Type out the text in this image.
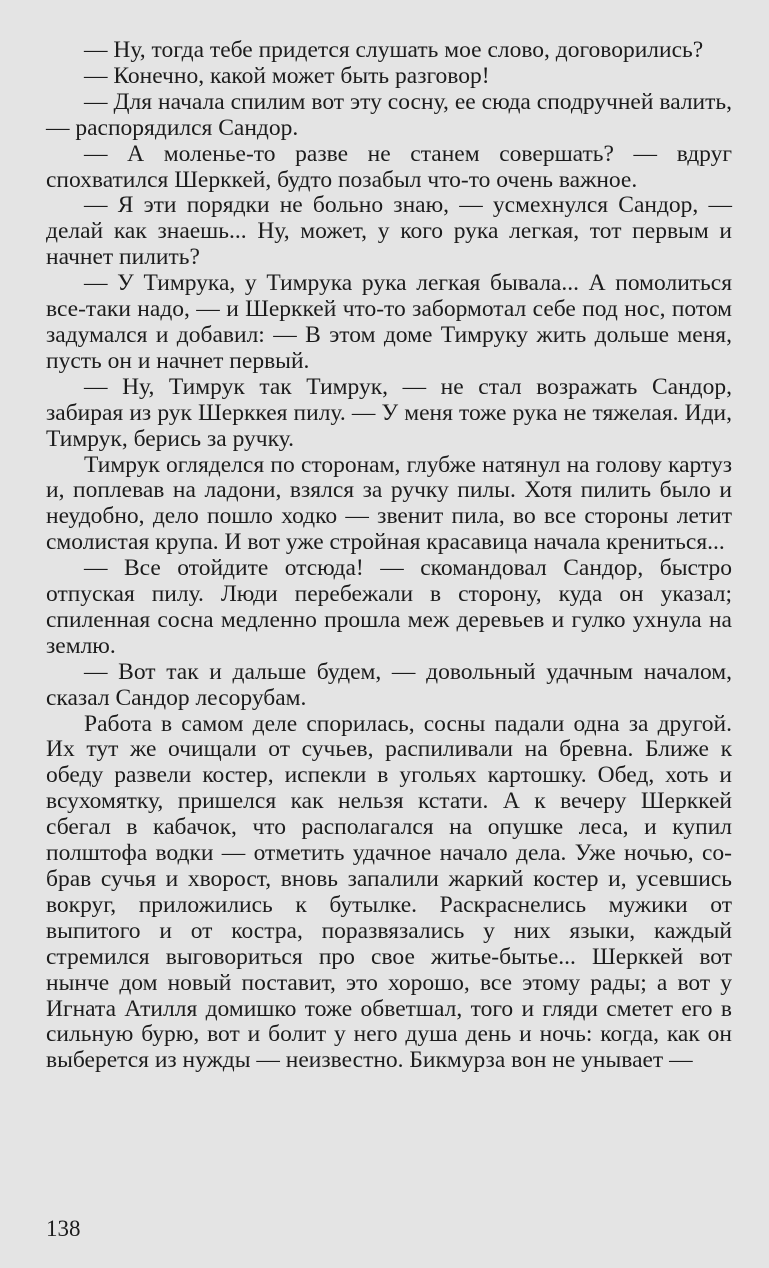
— Ну, тогда тебе придется слушать мое слово, договорились?

— Конечно, какой может быть разговор!

— Для начала спилим вот эту сосну, ее сюда сподручней валить, — распорядился Сандор.

— А моленье-то разве не станем совершать? — вдруг спохватился Шерккей, будто позабыл что-то очень важное.

— Я эти порядки не больно знаю, — усмехнулся Сандор, — делай как знаешь... Ну, может, у кого рука легкая, тот первым и начнет пилить?

— У Тимрука, у Тимрука рука легкая бывала... А помолиться все-таки надо, — и Шерккей что-то забормотал себе под нос, потом задумался и добавил: — В этом доме Тимруку жить дольше меня, пусть он и начнет первый.

— Ну, Тимрук так Тимрук, — не стал возражать Сандор, забирая из рук Шерккея пилу. — У меня тоже рука не тяжелая. Иди, Тимрук, берись за ручку.

Тимрук огляделся по сторонам, глубже натянул на голову картуз и, поплевав на ладони, взялся за ручку пилы. Хотя пилить было и неудобно, дело пошло ходко — звенит пила, во все стороны летит смолистая крупа. И вот уже стройная красавица начала крениться...

— Все отойдите отсюда! — скомандовал Сандор, быстро отпуская пилу. Люди перебежали в сторону, куда он указал; спиленная сосна медленно прошла меж деревьев и гулко ухнула на землю.

— Вот так и дальше будем, — довольный удачным началом, сказал Сандор лесорубам.

Работа в самом деле спорилась, сосны падали одна за другой. Их тут же очищали от сучьев, распиливали на бревна. Ближе к обеду развели костер, испекли в угольях картошку. Обед, хоть и всухомятку, пришелся как нельзя кстати. А к вечеру Шерккей сбегал в кабачок, что располагался на опушке леса, и купил полштофа водки — отметить удачное начало дела. Уже ночью, собрав сучья и хворост, вновь запалили жаркий костер и, усевшись вокруг, приложились к бутылке. Раскраснелись мужики от выпитого и от костра, поразвязались у них языки, каждый стремился выговориться про свое житье-бытье... Шерккей вот нынче дом новый поставит, это хорошо, все этому рады; а вот у Игната Атилля домишко тоже обветшал, того и гляди сметет его в сильную бурю, вот и болит у него душа день и ночь: когда, как он выберется из нужды — неизвестно. Бикмурза вон не унывает —

138
